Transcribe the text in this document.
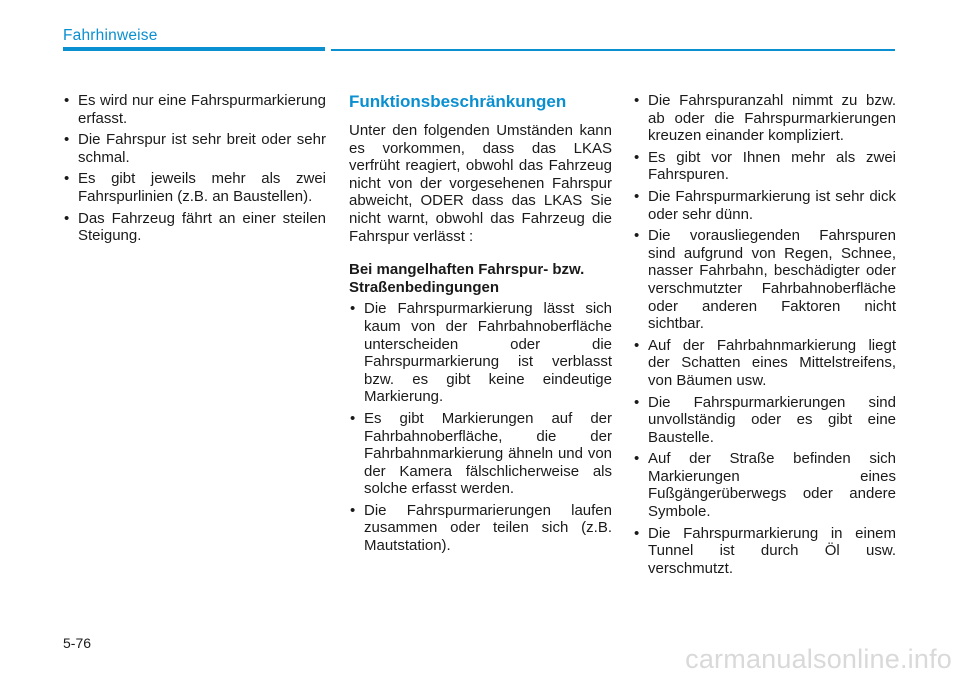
Fahrhinweise
• Es wird nur eine Fahrspurmarkierung erfasst.
• Die Fahrspur ist sehr breit oder sehr schmal.
• Es gibt jeweils mehr als zwei Fahrspurlinien (z.B. an Baustellen).
• Das Fahrzeug fährt an einer steilen Steigung.
Funktionsbeschränkungen

Unter den folgenden Umständen kann es vorkommen, dass das LKAS verfrüht reagiert, obwohl das Fahrzeug nicht von der vorgesehenen Fahrspur abweicht, ODER dass das LKAS Sie nicht warnt, obwohl das Fahrzeug die Fahrspur verlässt :

Bei mangelhaften Fahrspur- bzw. Straßenbedingungen

• Die Fahrspurmarkierung lässt sich kaum von der Fahrbahnoberfläche unterscheiden oder die Fahrspurmarkierung ist verblasst bzw. es gibt keine eindeutige Markierung.
• Es gibt Markierungen auf der Fahrbahnoberfläche, die der Fahrbahnmarkierung ähneln und von der Kamera fälschlicherweise als solche erfasst werden.
• Die Fahrspurmarierungen laufen zusammen oder teilen sich (z.B. Mautstation).
• Die Fahrspuranzahl nimmt zu bzw. ab oder die Fahrspurmarkierungen kreuzen einander kompliziert.
• Es gibt vor Ihnen mehr als zwei Fahrspuren.
• Die Fahrspurmarkierung ist sehr dick oder sehr dünn.
• Die vorausliegenden Fahrspuren sind aufgrund von Regen, Schnee, nasser Fahrbahn, beschädigter oder verschmutzter Fahrbahnoberfläche oder anderen Faktoren nicht sichtbar.
• Auf der Fahrbahnmarkierung liegt der Schatten eines Mittelstreifens, von Bäumen usw.
• Die Fahrspurmarkierungen sind unvollständig oder es gibt eine Baustelle.
• Auf der Straße befinden sich Markierungen eines Fußgängerüberwegs oder andere Symbole.
• Die Fahrspurmarkierung in einem Tunnel ist durch Öl usw. verschmutzt.
5-76
carmanualsonline.info
